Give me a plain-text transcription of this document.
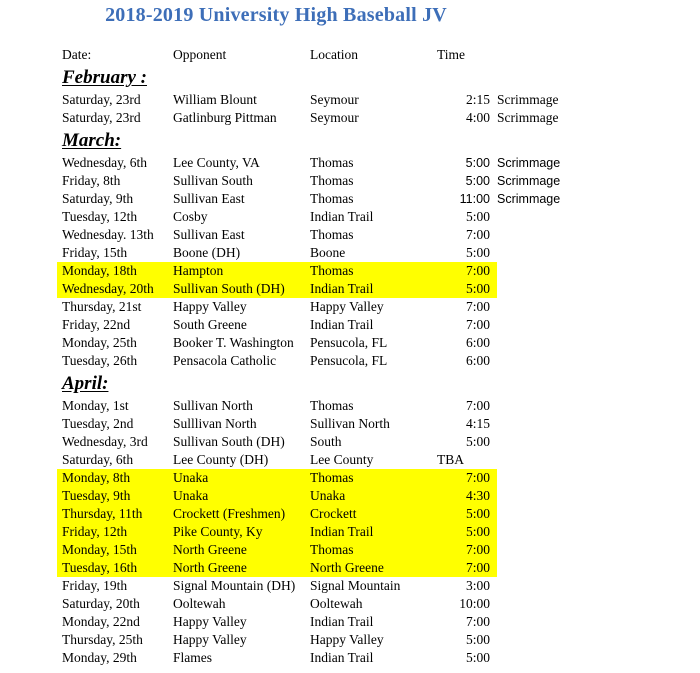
2018-2019 University High Baseball JV
Date:	Opponent	Location	Time
February :
Saturday, 23rd	William Blount	Seymour	2:15 Scrimmage
Saturday, 23rd	Gatlinburg Pittman	Seymour	4:00 Scrimmage
March:
Wednesday, 6th	Lee County, VA	Thomas	5:00 Scrimmage
Friday, 8th	Sullivan South	Thomas	5:00 Scrimmage
Saturday, 9th	Sullivan East	Thomas	11:00 Scrimmage
Tuesday, 12th	Cosby	Indian Trail	5:00
Wednesday. 13th	Sullivan East	Thomas	7:00
Friday, 15th	Boone (DH)	Boone	5:00
Monday, 18th	Hampton	Thomas	7:00
Wednesday, 20th	Sullivan South (DH)	Indian Trail	5:00
Thursday, 21st	Happy Valley	Happy Valley	7:00
Friday, 22nd	South Greene	Indian Trail	7:00
Monday, 25th	Booker T. Washington	Pensucola, FL	6:00
Tuesday, 26th	Pensacola Catholic	Pensucola, FL	6:00
April:
Monday, 1st	Sullivan North	Thomas	7:00
Tuesday, 2nd	Sulllivan North	Sullivan North	4:15
Wednesday, 3rd	Sullivan South (DH)	South	5:00
Saturday, 6th	Lee County (DH)	Lee County	TBA
Monday, 8th	Unaka	Thomas	7:00
Tuesday, 9th	Unaka	Unaka	4:30
Thursday, 11th	Crockett (Freshmen)	Crockett	5:00
Friday, 12th	Pike County, Ky	Indian Trail	5:00
Monday, 15th	North Greene	Thomas	7:00
Tuesday, 16th	North Greene	North Greene	7:00
Friday, 19th	Signal Mountain (DH)	Signal Mountain	3:00
Saturday, 20th	Ooltewah	Ooltewah	10:00
Monday, 22nd	Happy Valley	Indian Trail	7:00
Thursday, 25th	Happy Valley	Happy Valley	5:00
Monday, 29th	Flames	Indian Trail	5:00
